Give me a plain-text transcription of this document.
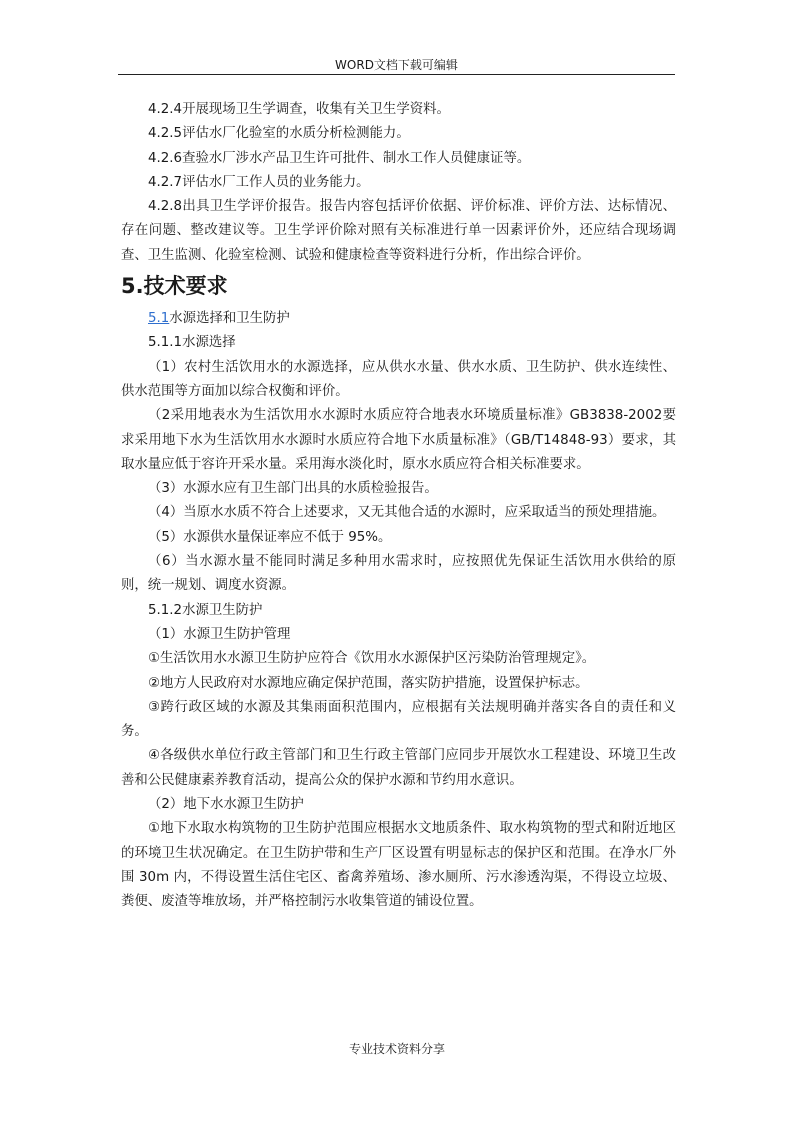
WORD文档下载可编辑

4.2.4开展现场卫生学调查，收集有关卫生学资料。

4.2.5评估水厂化验室的水质分析检测能力。

4.2.6查验水厂涉水产品卫生许可批件、制水工作人员健康证等。

4.2.7评估水厂工作人员的业务能力。

4.2.8出具卫生学评价报告。报告内容包括评价依据、评价标准、评价方法、达标情况、存在问题、整改建议等。卫生学评价除对照有关标准进行单一因素评价外，还应结合现场调查、卫生监测、化验室检测、试验和健康检查等资料进行分析，作出综合评价。

5.技术要求

5.1水源选择和卫生防护

5.1.1水源选择

（1）农村生活饮用水的水源选择，应从供水水量、供水水质、卫生防护、供水连续性、供水范围等方面加以综合权衡和评价。

（2采用地表水为生活饮用水水源时水质应符合地表水环境质量标准》GB3838-2002要求采用地下水为生活饮用水水源时水质应符合地下水质量标准》（GB/T14848-93）要求，其取水量应低于容许开采水量。采用海水淡化时，原水水质应符合相关标准要求。

（3）水源水应有卫生部门出具的水质检验报告。

（4）当原水水质不符合上述要求，又无其他合适的水源时，应采取适当的预处理措施。

（5）水源供水量保证率应不低于 95%。

（6）当水源水量不能同时满足多种用水需求时，应按照优先保证生活饮用水供给的原则，统一规划、调度水资源。

5.1.2水源卫生防护

（1）水源卫生防护管理

①生活饮用水水源卫生防护应符合《饮用水水源保护区污染防治管理规定》。

②地方人民政府对水源地应确定保护范围，落实防护措施，设置保护标志。

③跨行政区域的水源及其集雨面积范围内，应根据有关法规明确并落实各自的责任和义务。

④各级供水单位行政主管部门和卫生行政主管部门应同步开展饮水工程建设、环境卫生改善和公民健康素养教育活动，提高公众的保护水源和节约用水意识。

（2）地下水水源卫生防护

①地下水取水构筑物的卫生防护范围应根据水文地质条件、取水构筑物的型式和附近地区的环境卫生状况确定。在卫生防护带和生产厂区设置有明显标志的保护区和范围。在净水厂外围 30m 内，不得设置生活住宅区、畜禽养殖场、渗水厕所、污水渗透沟渠，不得设立垃圾、粪便、废渣等堆放场，并严格控制污水收集管道的铺设位置。

专业技术资料分享
